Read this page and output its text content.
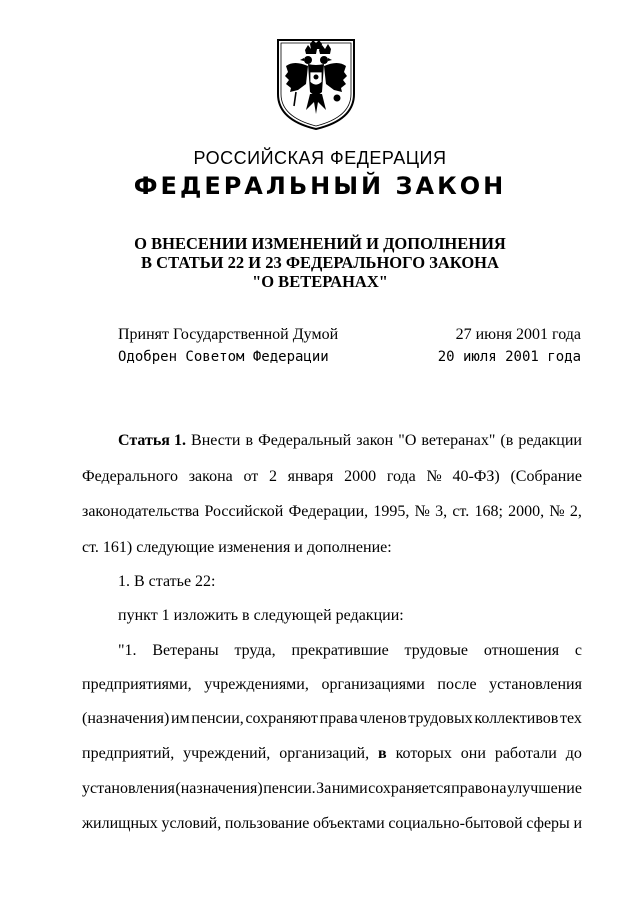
РОССИЙСКАЯ ФЕДЕРАЦИЯ
ФЕДЕРАЛЬНЫЙ ЗАКОН
О ВНЕСЕНИИ ИЗМЕНЕНИЙ И ДОПОЛНЕНИЯ
В СТАТЬИ 22 И 23 ФЕДЕРАЛЬНОГО ЗАКОНА
"О ВЕТЕРАНАХ"
Принят Государственной Думой	27 июня 2001 года
Одобрен Советом Федерации	20 июля 2001 года
Статья 1. Внести в Федеральный закон "О ветеранах" (в редакции
Федерального закона от 2 января 2000 года № 40-ФЗ) (Собрание
законодательства Российской Федерации, 1995, № 3, ст. 168; 2000, № 2,
ст. 161) следующие изменения и дополнение:
1. В статье 22:
пункт 1 изложить в следующей редакции:
"1. Ветераны труда, прекратившие трудовые отношения с
предприятиями, учреждениями, организациями после установления
(назначения) им пенсии, сохраняют права членов трудовых коллективов тех
предприятий, учреждений, организаций, в которых они работали до
установления (назначения) пенсии. За ними сохраняется право на улучшение
жилищных условий, пользование объектами социально-бытовой сферы и
